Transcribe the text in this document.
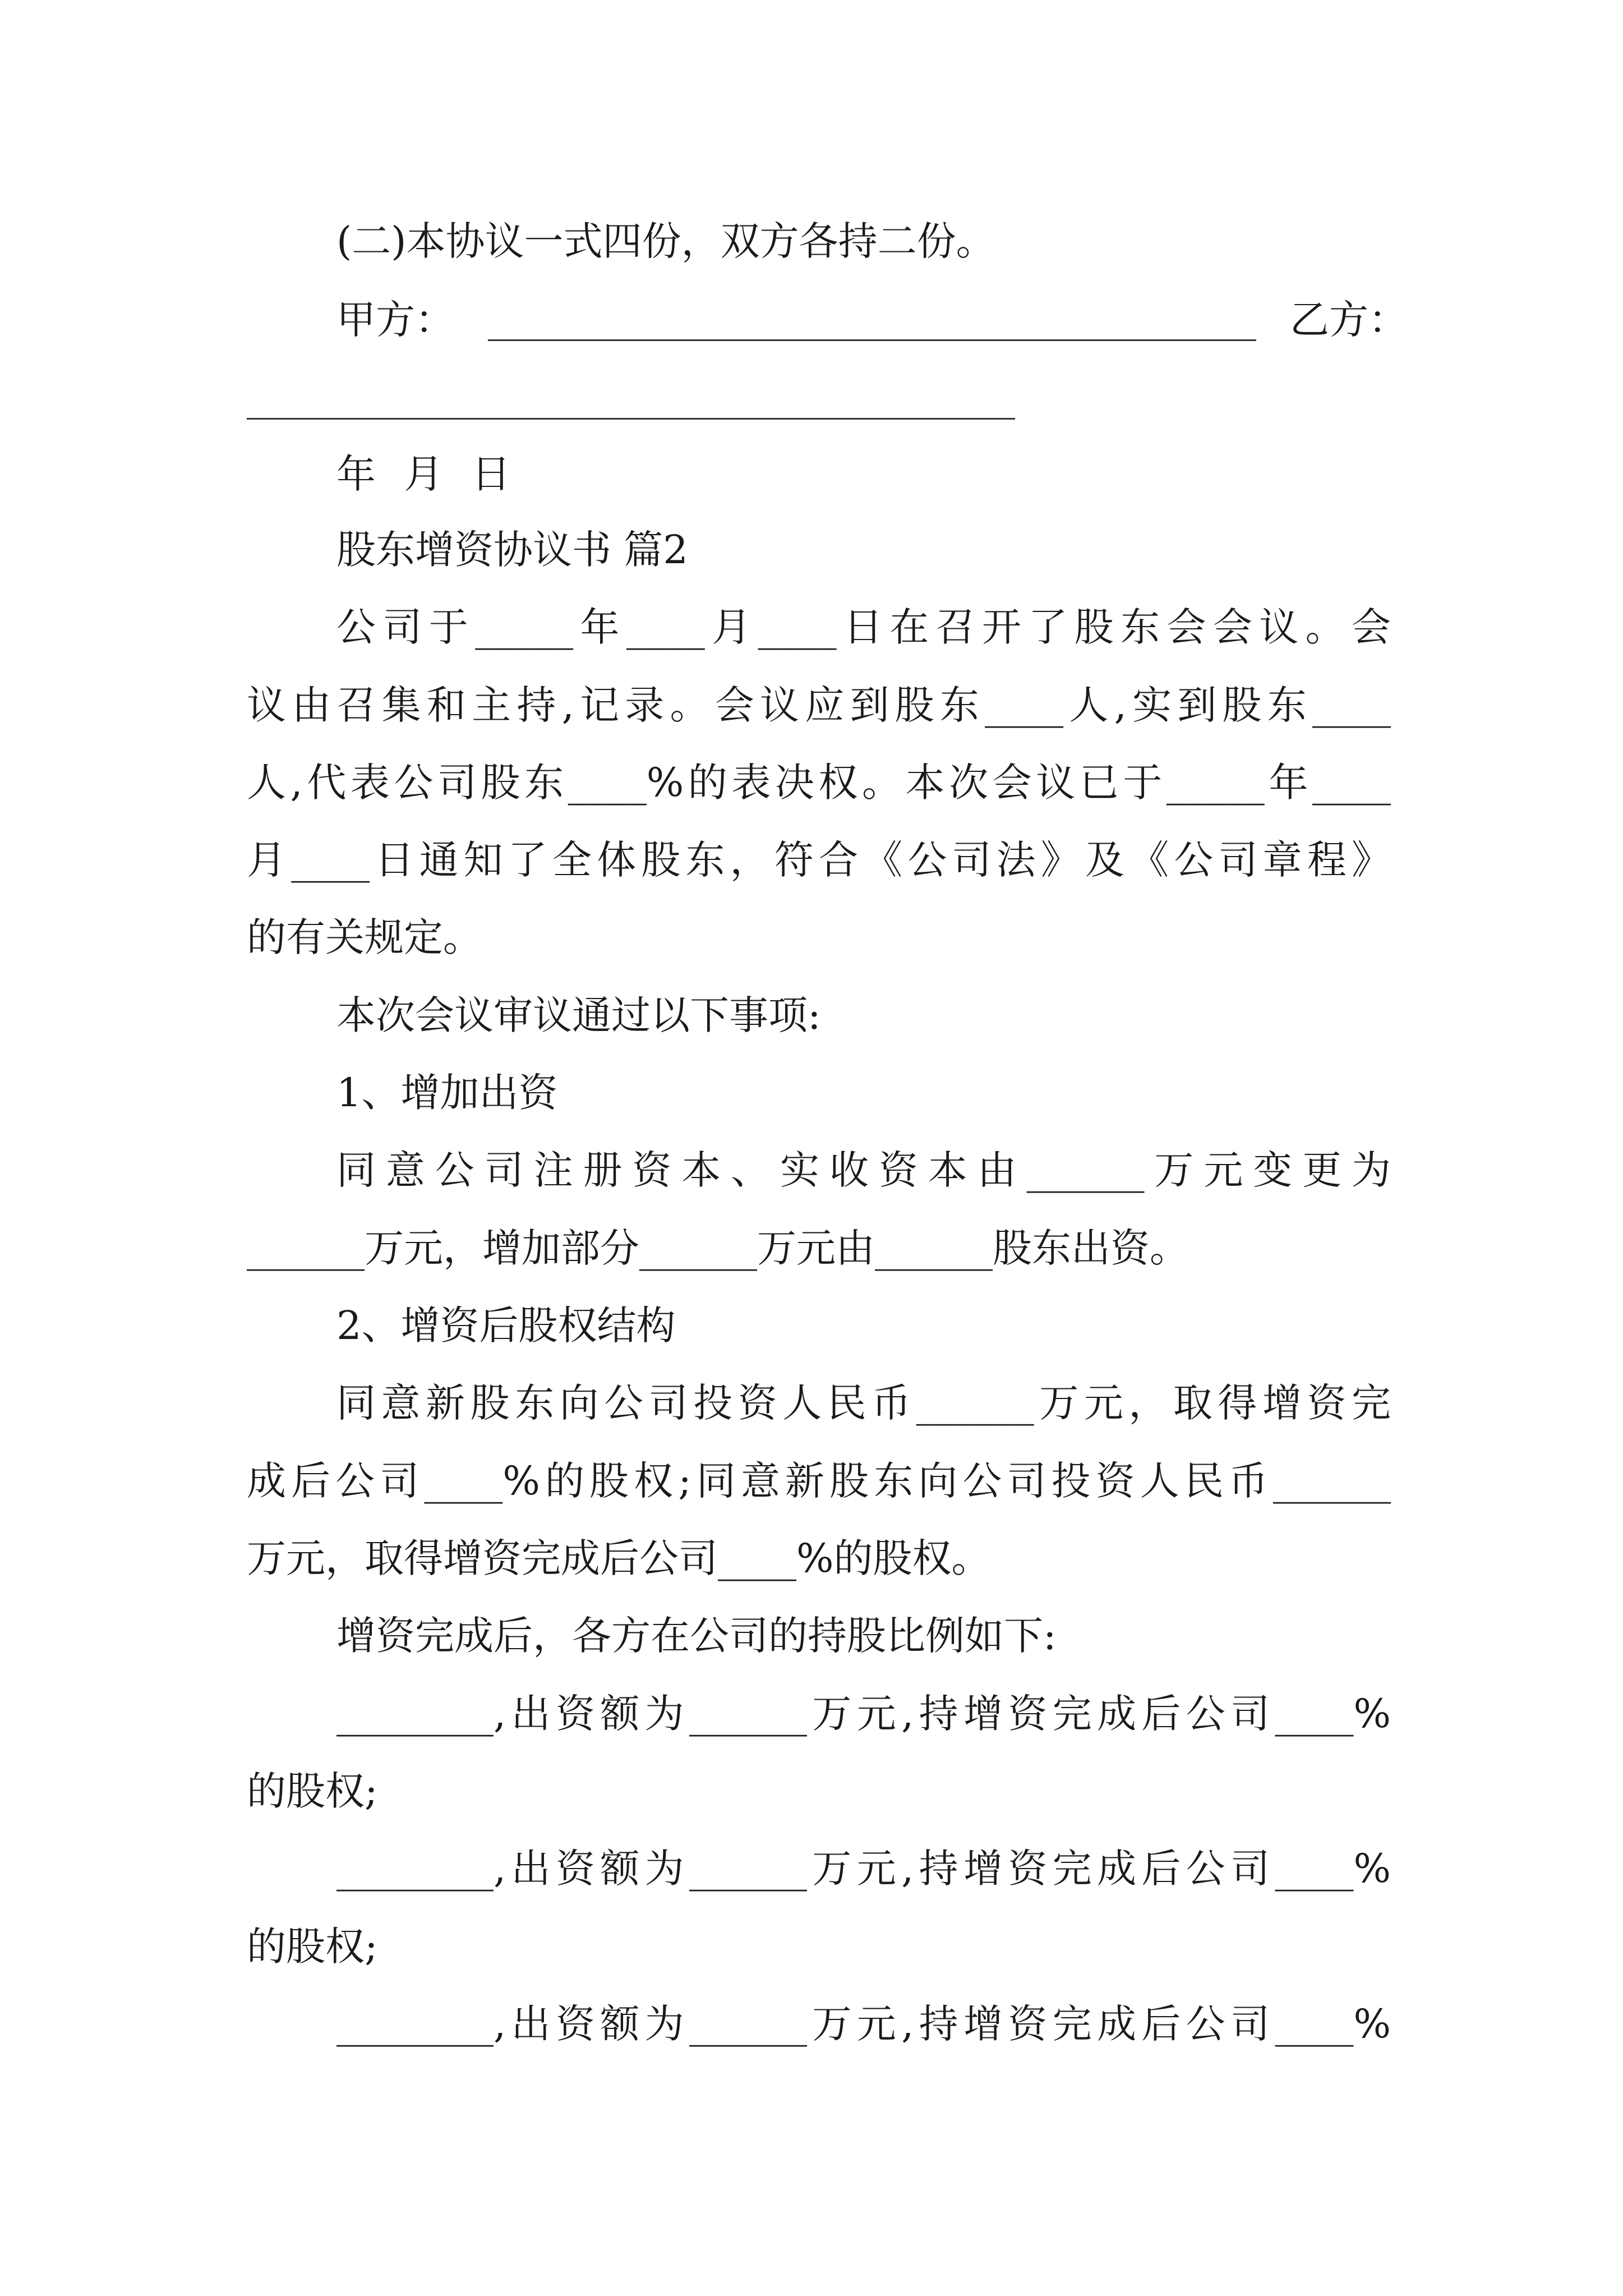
(二)本协议一式四份，双方各持二份。
甲方：	乙方：
年 月 日
股东增资协议书 篇2
公司于_____年____月____日在召开了股东会会议。会
议由召集和主持,记录。会议应到股东____人,实到股东____
人,代表公司股东____%的表决权。本次会议已于_____年____
月____日通知了全体股东，符合《公司法》及《公司章程》
的有关规定。
本次会议审议通过以下事项:
1、增加出资
同意公司注册资本、实收资本由______万元变更为
______万元，增加部分______万元由______股东出资。
2、增资后股权结构
同意新股东向公司投资人民币______万元，取得增资完
成后公司____%的股权;同意新股东向公司投资人民币______
万元，取得增资完成后公司____%的股权。
增资完成后，各方在公司的持股比例如下:
________,出资额为______万元,持增资完成后公司____%
的股权;
________,出资额为______万元,持增资完成后公司____%
的股权;
________,出资额为______万元,持增资完成后公司____%
